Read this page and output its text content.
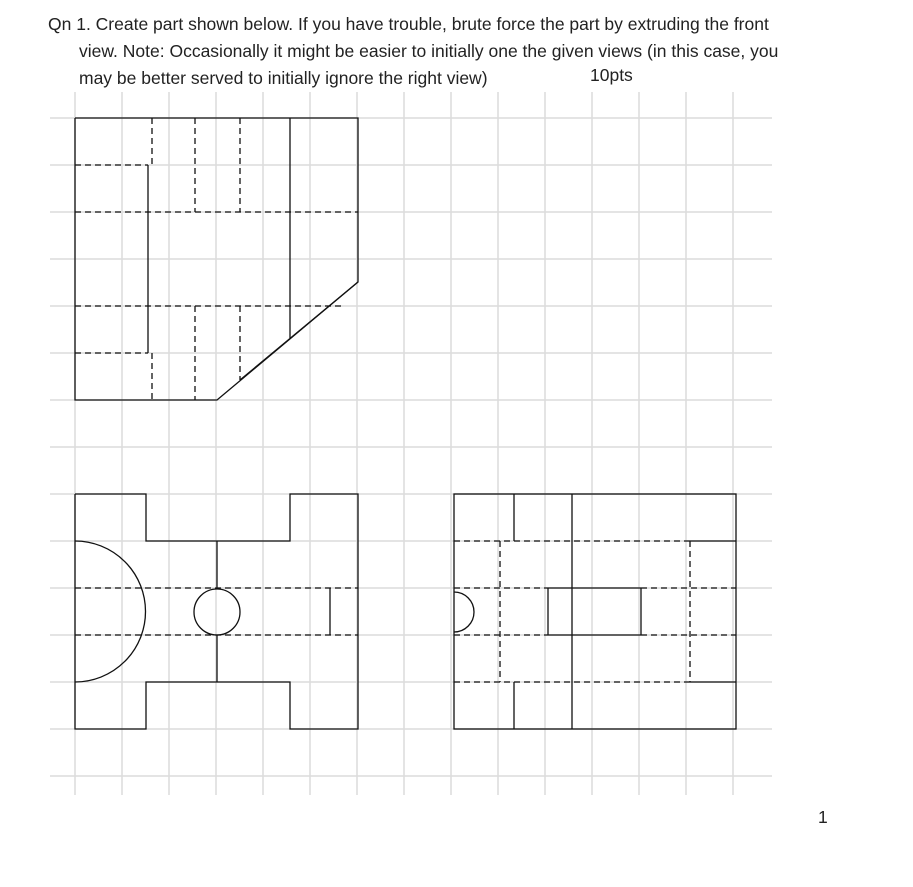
Qn 1. Create part shown below. If you have trouble, brute force the part by extruding the front
view. Note: Occasionally it might be easier to initially one the given views (in this case, you
may be better served to initially ignore the right view)	10pts
1
